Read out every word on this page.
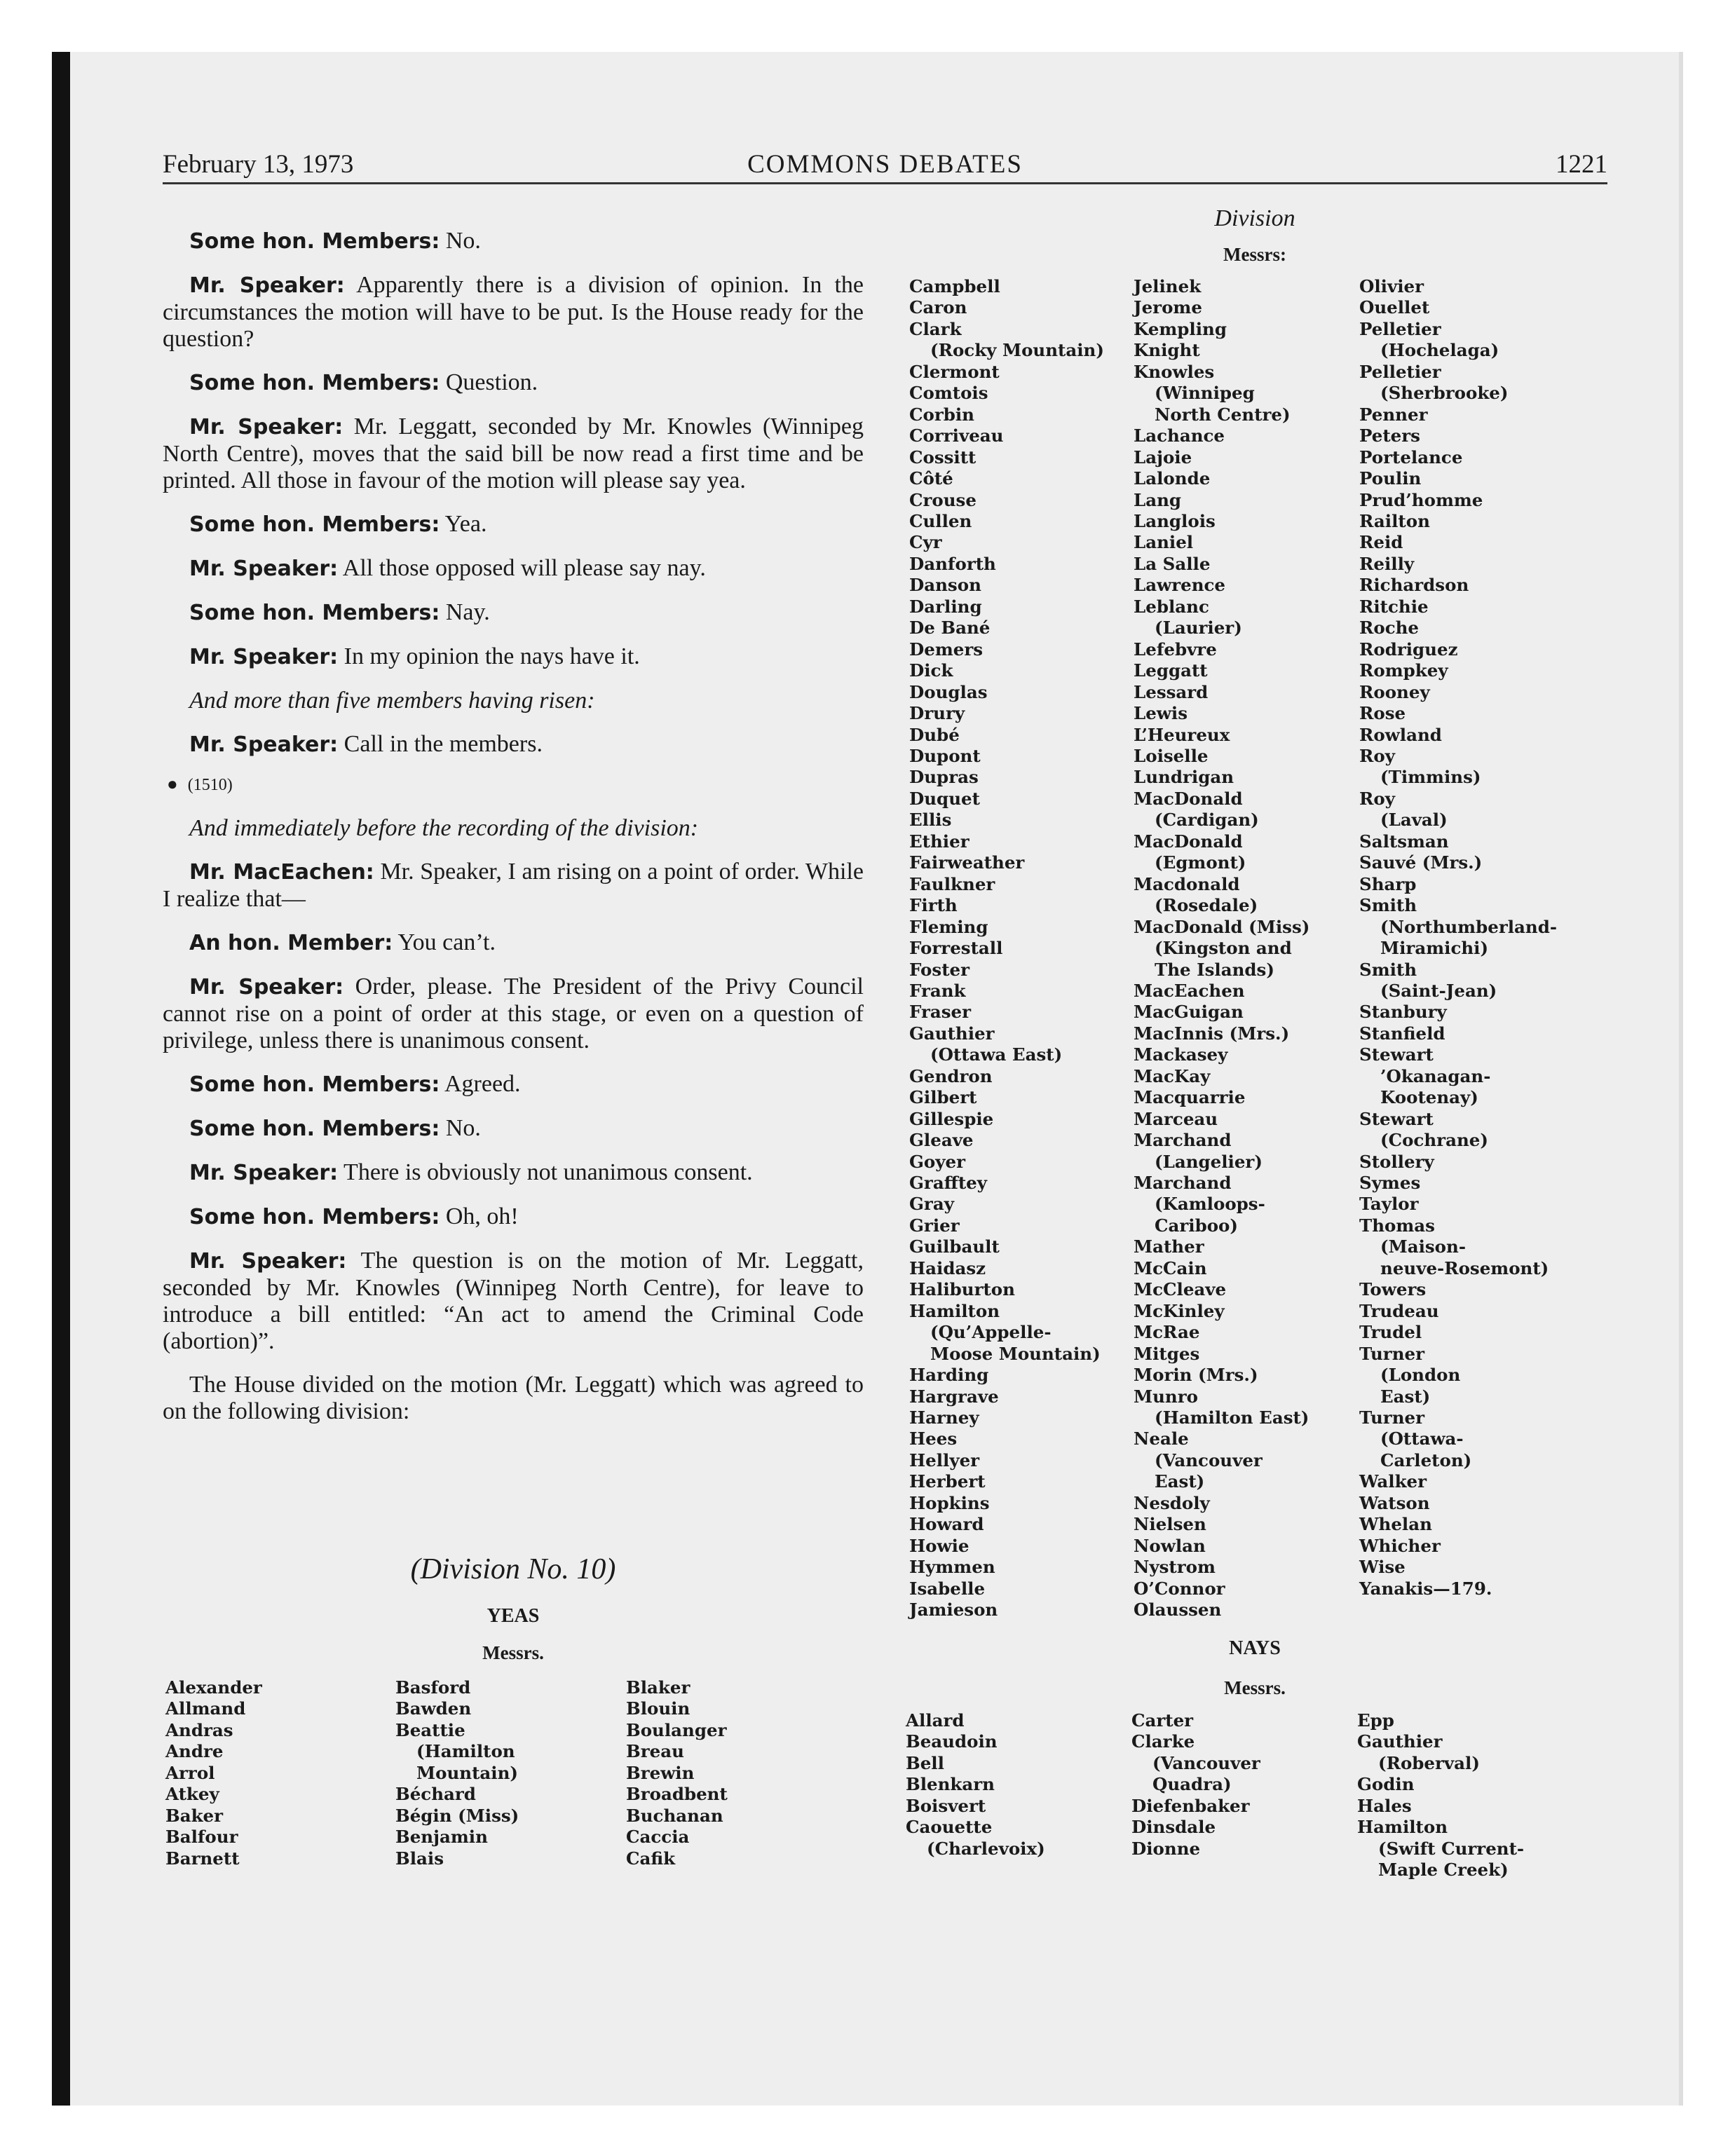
February 13, 1973	COMMONS DEBATES	1221
Some hon. Members: No.
Mr. Speaker: Apparently there is a division of opinion. In the circumstances the motion will have to be put. Is the House ready for the question?
Some hon. Members: Question.
Mr. Speaker: Mr. Leggatt, seconded by Mr. Knowles (Winnipeg North Centre), moves that the said bill be now read a first time and be printed. All those in favour of the motion will please say yea.
Some hon. Members: Yea.
Mr. Speaker: All those opposed will please say nay.
Some hon. Members: Nay.
Mr. Speaker: In my opinion the nays have it.
And more than five members having risen:
Mr. Speaker: Call in the members.
● (1510)
And immediately before the recording of the division:
Mr. MacEachen: Mr. Speaker, I am rising on a point of order. While I realize that—
An hon. Member: You can’t.
Mr. Speaker: Order, please. The President of the Privy Council cannot rise on a point of order at this stage, or even on a question of privilege, unless there is unanimous consent.
Some hon. Members: Agreed.
Some hon. Members: No.
Mr. Speaker: There is obviously not unanimous consent.
Some hon. Members: Oh, oh!
Mr. Speaker: The question is on the motion of Mr. Leggatt, seconded by Mr. Knowles (Winnipeg North Centre), for leave to introduce a bill entitled: “An act to amend the Criminal Code (abortion)”.
The House divided on the motion (Mr. Leggatt) which was agreed to on the following division:
(Division No. 10)
YEAS
Messrs.
Alexander
Allmand
Andras
Andre
Arrol
Atkey
Baker
Balfour
Barnett
Basford
Bawden
Beattie
(Hamilton
Mountain)
Béchard
Bégin (Miss)
Benjamin
Blais
Blaker
Blouin
Boulanger
Breau
Brewin
Broadbent
Buchanan
Caccia
Cafik
Division
Messrs:
Campbell
Caron
Clark
(Rocky Mountain)
Clermont
Comtois
Corbin
Corriveau
Cossitt
Côté
Crouse
Cullen
Cyr
Danforth
Danson
Darling
De Bané
Demers
Dick
Douglas
Drury
Dubé
Dupont
Dupras
Duquet
Ellis
Ethier
Fairweather
Faulkner
Firth
Fleming
Forrestall
Foster
Frank
Fraser
Gauthier
(Ottawa East)
Gendron
Gilbert
Gillespie
Gleave
Goyer
Grafftey
Gray
Grier
Guilbault
Haidasz
Haliburton
Hamilton
(Qu’Appelle-
Moose Mountain)
Harding
Hargrave
Harney
Hees
Hellyer
Herbert
Hopkins
Howard
Howie
Hymmen
Isabelle
Jamieson
Jelinek
Jerome
Kempling
Knight
Knowles
(Winnipeg
North Centre)
Lachance
Lajoie
Lalonde
Lang
Langlois
Laniel
La Salle
Lawrence
Leblanc
(Laurier)
Lefebvre
Leggatt
Lessard
Lewis
L’Heureux
Loiselle
Lundrigan
MacDonald
(Cardigan)
MacDonald
(Egmont)
Macdonald
(Rosedale)
MacDonald (Miss)
(Kingston and
The Islands)
MacEachen
MacGuigan
MacInnis (Mrs.)
Mackasey
MacKay
Macquarrie
Marceau
Marchand
(Langelier)
Marchand
(Kamloops-
Cariboo)
Mather
McCain
McCleave
McKinley
McRae
Mitges
Morin (Mrs.)
Munro
(Hamilton East)
Neale
(Vancouver
East)
Nesdoly
Nielsen
Nowlan
Nystrom
O’Connor
Olaussen
Olivier
Ouellet
Pelletier
(Hochelaga)
Pelletier
(Sherbrooke)
Penner
Peters
Portelance
Poulin
Prud’homme
Railton
Reid
Reilly
Richardson
Ritchie
Roche
Rodriguez
Rompkey
Rooney
Rose
Rowland
Roy
(Timmins)
Roy
(Laval)
Saltsman
Sauvé (Mrs.)
Sharp
Smith
(Northumberland-
Miramichi)
Smith
(Saint-Jean)
Stanbury
Stanfield
Stewart
’Okanagan-
Kootenay)
Stewart
(Cochrane)
Stollery
Symes
Taylor
Thomas
(Maison-
neuve-Rosemont)
Towers
Trudeau
Trudel
Turner
(London
East)
Turner
(Ottawa-
Carleton)
Walker
Watson
Whelan
Whicher
Wise
Yanakis—179.
NAYS
Messrs.
Allard
Beaudoin
Bell
Blenkarn
Boisvert
Caouette
(Charlevoix)
Carter
Clarke
(Vancouver
Quadra)
Diefenbaker
Dinsdale
Dionne
Epp
Gauthier
(Roberval)
Godin
Hales
Hamilton
(Swift Current-
Maple Creek)
